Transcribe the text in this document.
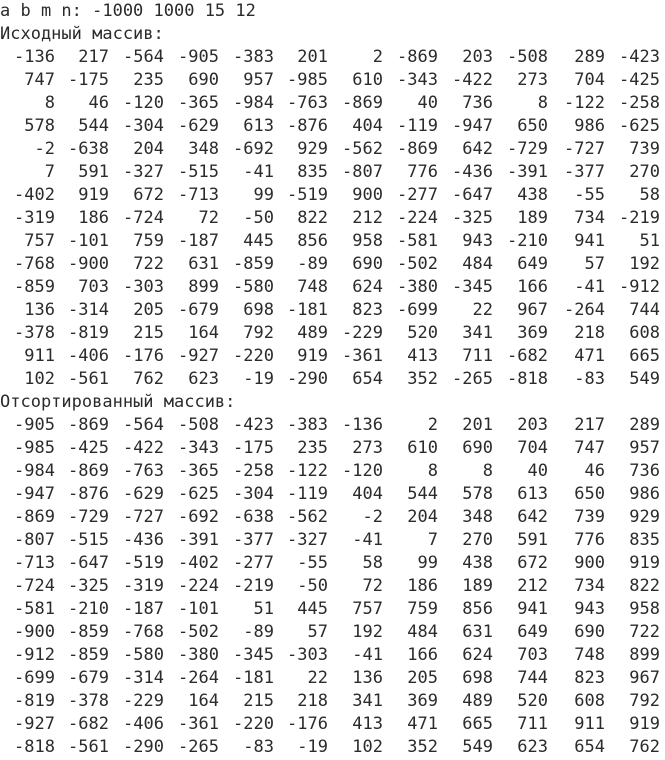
a b m n: -1000 1000 15 12
Исходный массив:
-136	217 -564 -905 -383	201	2 -869	203 -508	289 -423
747 -175	235	690	957 -985	610 -343 -422	273	704 -425
8	46 -120 -365 -984 -763 -869	40	736	8 -122 -258
578	544 -304 -629	613 -876	404 -119 -947	650	986 -625
-2 -638	204	348 -692	929 -562 -869	642 -729 -727	739
7	591 -327 -515	-41	835 -807	776 -436 -391 -377	270
-402	919	672 -713	99 -519	900 -277 -647	438	-55	58
-319	186 -724	72	-50	822	212 -224 -325	189	734 -219
757 -101	759 -187	445	856	958 -581	943 -210	941	51
-768 -900	722	631 -859	-89	690 -502	484	649	57	192
-859	703 -303	899 -580	748	624 -380 -345	166	-41 -912
136 -314	205 -679	698 -181	823 -699	22	967 -264	744
-378 -819	215	164	792	489 -229	520	341	369	218	608
911 -406 -176 -927 -220	919 -361	413	711 -682	471	665
102 -561	762	623	-19 -290	654	352 -265 -818	-83	549
Отсортированный массив:
-905 -869 -564 -508 -423 -383 -136	2	201	203	217	289
-985 -425 -422 -343 -175	235	273	610	690	704	747	957
-984 -869 -763 -365 -258 -122 -120	8	8	40	46	736
-947 -876 -629 -625 -304 -119	404	544	578	613	650	986
-869 -729 -727 -692 -638 -562	-2	204	348	642	739	929
-807 -515 -436 -391 -377 -327	-41	7	270	591	776	835
-713 -647 -519 -402 -277	-55	58	99	438	672	900	919
-724 -325 -319 -224 -219	-50	72	186	189	212	734	822
-581 -210 -187 -101	51	445	757	759	856	941	943	958
-900 -859 -768 -502	-89	57	192	484	631	649	690	722
-912 -859 -580 -380 -345 -303	-41	166	624	703	748	899
-699 -679 -314 -264 -181	22	136	205	698	744	823	967
-819 -378 -229	164	215	218	341	369	489	520	608	792
-927 -682 -406 -361 -220 -176	413	471	665	711	911	919
-818 -561 -290 -265	-83	-19	102	352	549	623	654	762
